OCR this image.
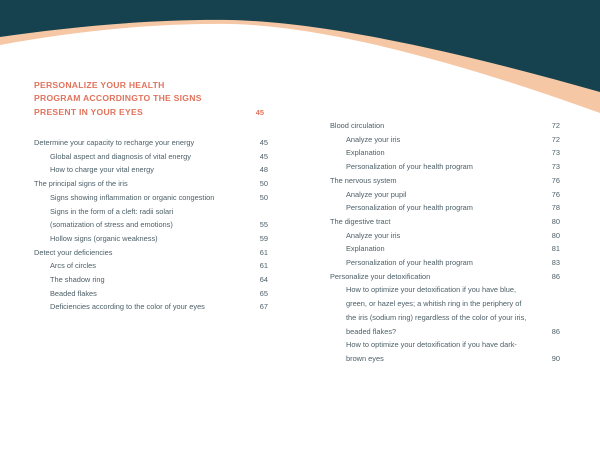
PERSONALIZE YOUR HEALTH
PROGRAM ACCORDINGTO THE SIGNS
PRESENT IN YOUR EYES	45
Determine your capacity to recharge your energy	45
Global aspect and diagnosis of vital energy	45
How to charge your vital energy	48
The principal signs of the iris	50
Signs showing inflammation or organic congestion	50
Signs in the form of a cleft: radii solari
(somatization of stress and emotions)	55
Hollow signs (organic weakness)	59
Detect your deficiencies	61
Arcs of circles	61
The shadow ring	64
Beaded flakes	65
Deficiencies according to the color of your eyes	67
Blood circulation	72
Analyze your iris	72
Explanation	73
Personalization of your health program	73
The nervous system	76
Analyze your pupil	76
Personalization of your health program	78
The digestive tract	80
Analyze your iris	80
Explanation	81
Personalization of your health program	83
Personalize your detoxification	86
How to optimize your detoxification if you have blue,
green, or hazel eyes; a whitish ring in the periphery of
the iris (sodium ring) regardless of the color of your iris,
beaded flakes?	86
How to optimize your detoxification if you have dark-
brown eyes	90
